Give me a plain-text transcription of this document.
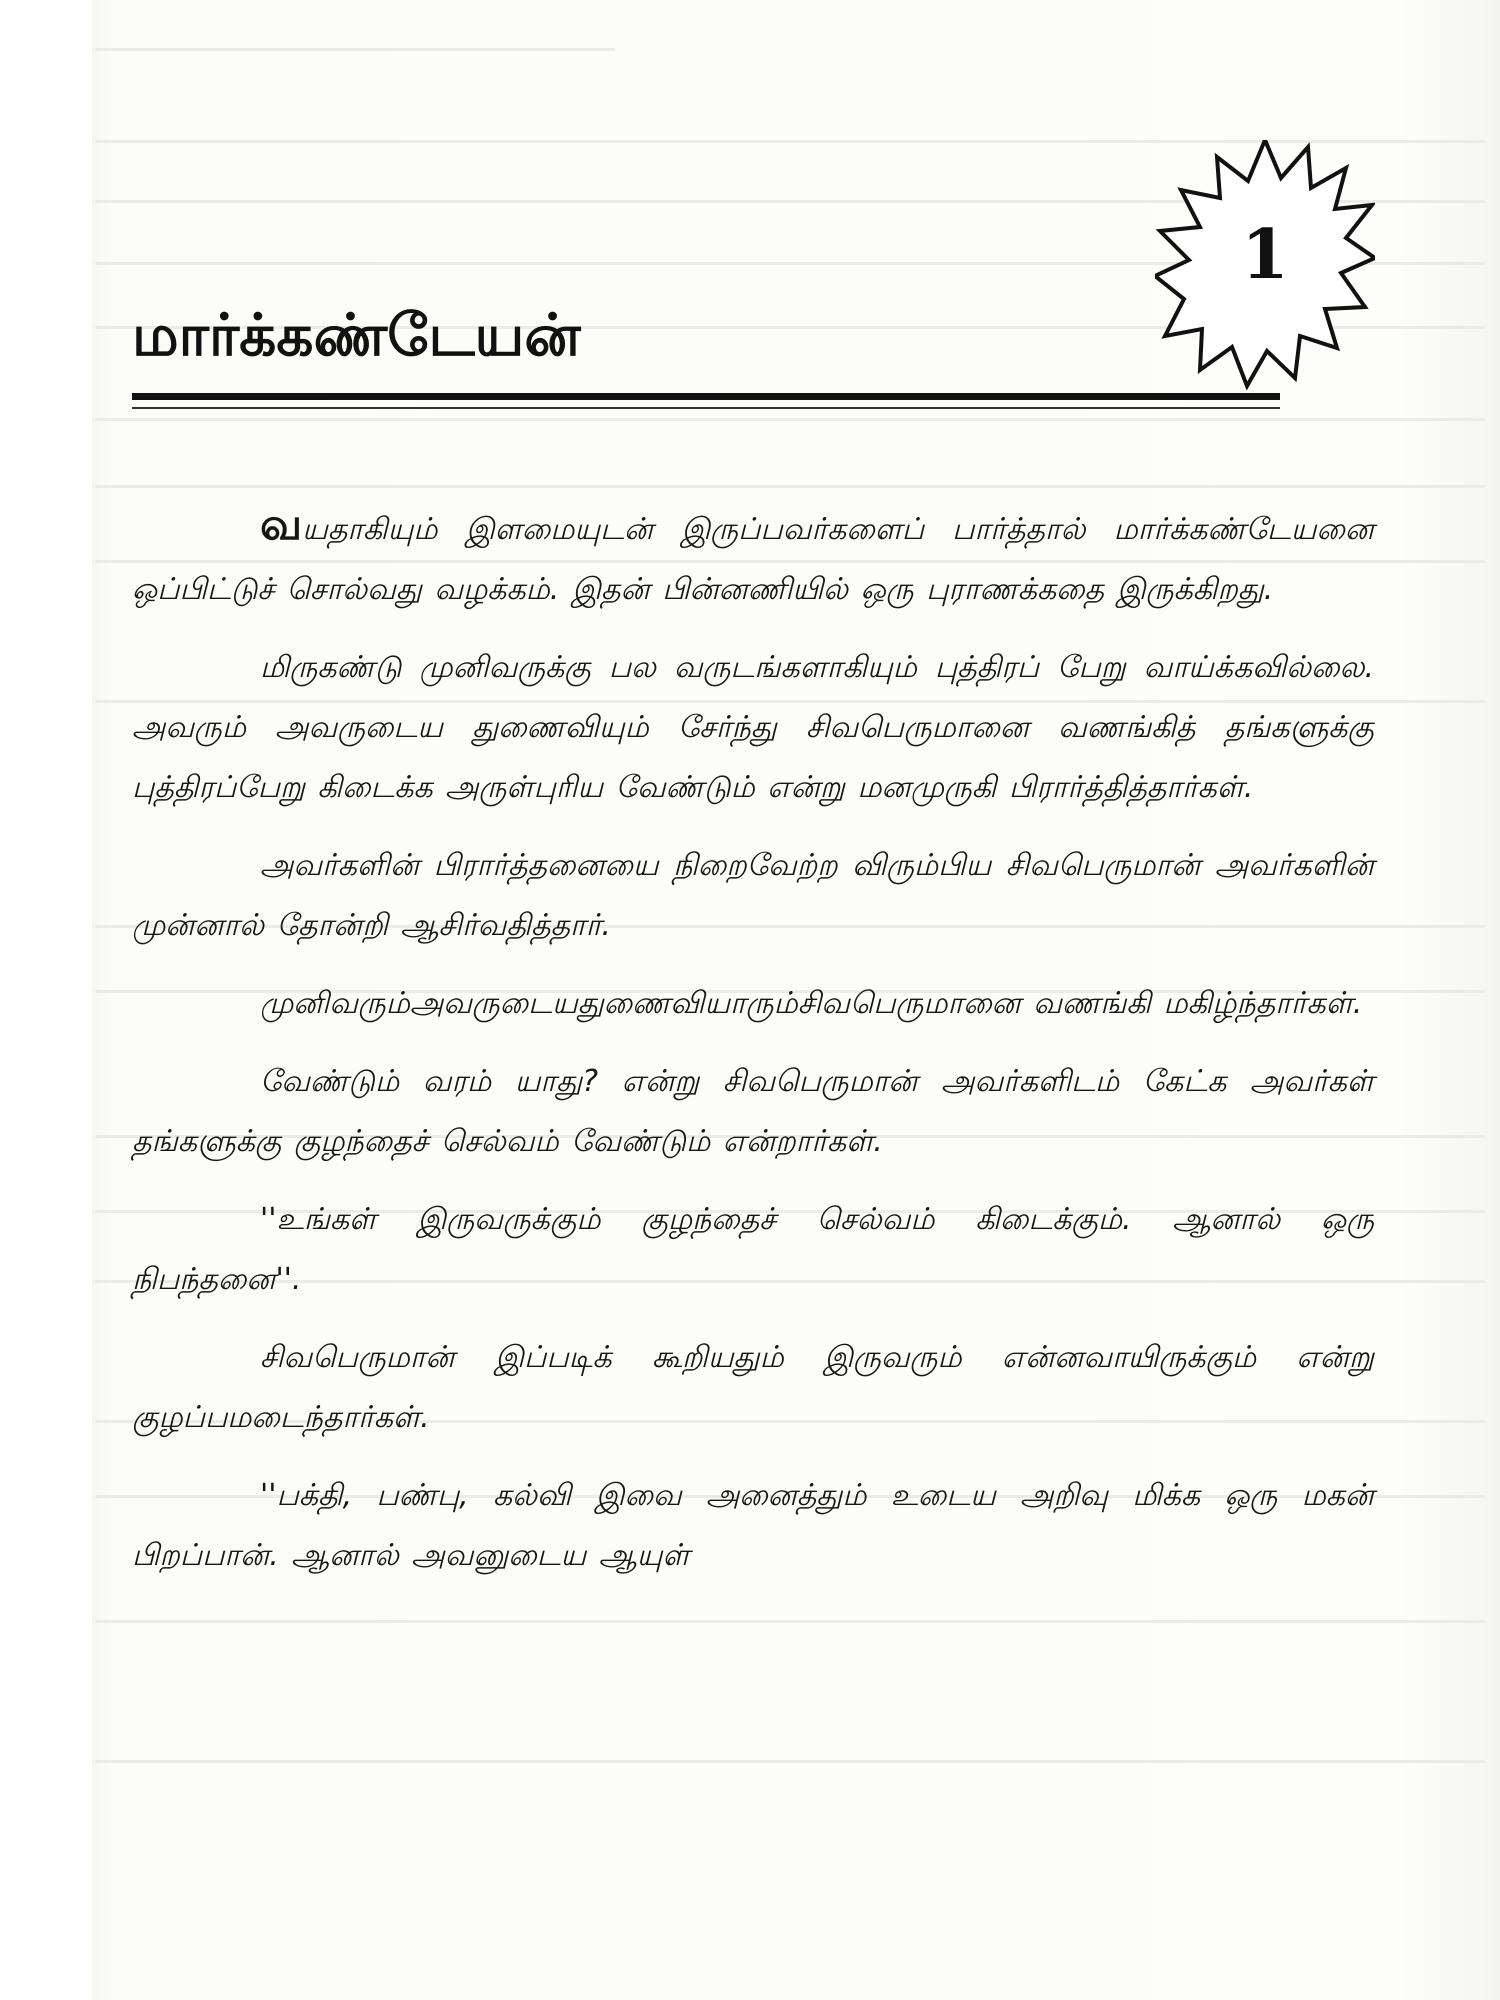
1
மார்க்கண்டேயன்

வயதாகியும் இளமையுடன் இருப்பவர்களைப் பார்த்தால் மார்க்கண்டேயனை ஒப்பிட்டுச் சொல்வது வழக்கம். இதன் பின்னணியில் ஒரு புராணக்கதை இருக்கிறது.

மிருகண்டு முனிவருக்கு பல வருடங்களாகியும் புத்திரப் பேறு வாய்க்கவில்லை. அவரும் அவருடைய துணைவியும் சேர்ந்து சிவபெருமானை வணங்கித் தங்களுக்கு புத்திரப்பேறு கிடைக்க அருள்புரிய வேண்டும் என்று மனமுருகி பிரார்த்தித்தார்கள்.

அவர்களின் பிரார்த்தனையை நிறைவேற்ற விரும்பிய சிவபெருமான் அவர்களின் முன்னால் தோன்றி ஆசிர்வதித்தார்.

முனிவரும்அவருடையதுணைவியாரும்சிவபெருமானை வணங்கி மகிழ்ந்தார்கள்.

வேண்டும் வரம் யாது? என்று சிவபெருமான் அவர்களிடம் கேட்க அவர்கள் தங்களுக்கு குழந்தைச் செல்வம் வேண்டும் என்றார்கள்.

''உங்கள் இருவருக்கும் குழந்தைச் செல்வம் கிடைக்கும். ஆனால் ஒரு நிபந்தனை''.

சிவபெருமான் இப்படிக் கூறியதும் இருவரும் என்னவாயிருக்கும் என்று குழப்பமடைந்தார்கள்.

''பக்தி, பண்பு, கல்வி இவை அனைத்தும் உடைய அறிவு மிக்க ஒரு மகன் பிறப்பான். ஆனால் அவனுடைய ஆயுள்
